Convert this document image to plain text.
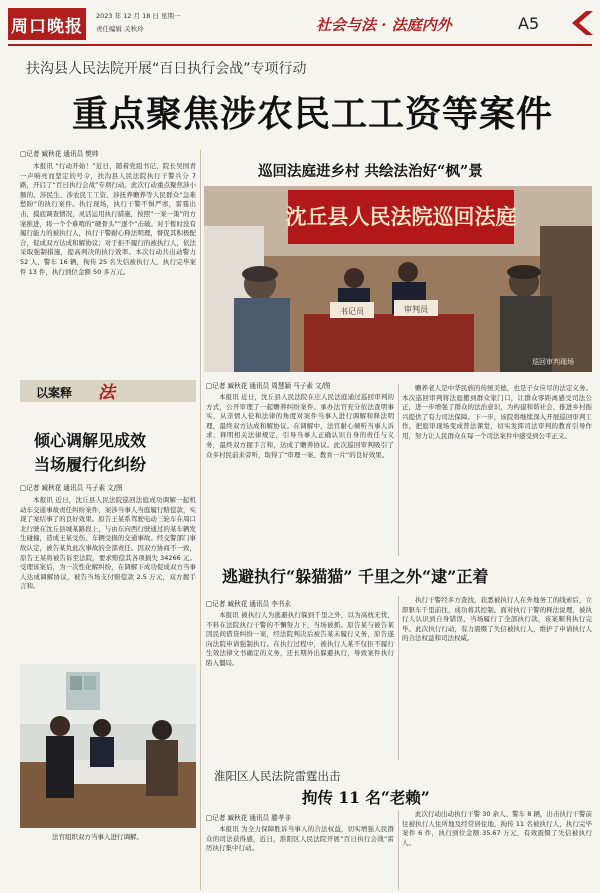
周口晚报
2023 年 12 月 18 日 星期一
责任编辑 关秋玲	社会与法 · 法庭内外	A5
扶沟县人民法院开展“百日执行会战”专项行动
重点聚焦涉农民工工资等案件
□记者 臧秋花 通讯员 樊帅
本报讯 “行动开始！”近日，随着党组书记、院长吴国青一声响亮而坚定的号令，扶沟县人民法院执行干警兵分 7 路，开启了“百日执行会战”专项行动。此次行动重点聚焦涉小额的、涉民生、涉农民工工资、涉抚养赡养等人民群众“急难愁盼”的执行案件。执行现场，执行干警不惧严寒，雷霆出击，摸底调查情况，灵活运用执行措施，按照“一案一策”的方案推进，将一个个难啃的“硬骨头”“逐个”击破。对于暂时没有履行能力的被执行人，执行干警耐心释法明理，督促其积极配合，促成双方达成和解协议；对于拒不履行的被执行人，依法采取强制措施，提高判决的执行效率。本次行动共出动警力 52 人、警车 16 辆，拘传 25 名失信被执行人，执行完毕案件 13 件，执行到位金额 50 多万元。
以案释 法
倾心调解见成效
当场履行化纠纷
□记者 臧秋花 通讯员 马子素 文/图
本报讯 近日，沈丘县人民法院巡回法庭成功调解一起机动车交通事故责任纠纷案件，案涉当事人当庭履行赔偿款，实现了案结事了的良好效果。原告王某系驾驶电动三轮车在周口北行驶在沈丘县城某路段上，与由东向西行驶通过的某车辆发生碰撞，造成王某受伤，车辆受损的交通事故。经交警部门事故认定，被告某负此次事故的全部责任。因双方协商不一致，原告王某将被告诉至法院，要求赔偿其各项损失 34266 元。受理该案后，为一次性化解纠纷，在调解下成功促成双方当事人达成调解协议，被告当场支付赔偿款 2.5 万元，双方握手言和。
法官组织双方当事人进行调解。
巡回法庭进乡村 共绘法治好“枫”景
沈丘县人民法院巡回法庭
书记员	审判员
巡回审判现场
□记者 臧秋花 通讯员 周慧颖 马子素 文/图
本报讯 近日，沈丘县人民法院在庄人民法庭通过巡回审判的方式，公开审理了一起赡养纠纷案件。承办法官充分依法查明事实，从亲情人伦和法律的角度对案件当事人进行调解和释法明理，最终双方达成和解协议。在调解中，法官耐心倾听当事人诉求，释明相关法律规定，引导当事人正确认识自身的责任与义务，最终双方握手言和，达成了赡养协议。此次巡回审判吸引了众多村民前来旁听，取得了“审理一案、教育一片”的良好效果。
赡养老人是中华民族的传统美德，也是子女应尽的法定义务。本次巡回审判将法庭搬到群众家门口，让群众零距离感受司法公正，进一步增强了群众的法治意识，为构建和谐社会、推进乡村振兴提供了有力司法保障。下一步，该院将继续深入开展巡回审判工作，把庭审现场变成普法课堂，切实发挥司法审判的教育引导作用，努力让人民群众在每一个司法案件中感受到公平正义。
逃避执行“躲猫猫” 千里之外“逮”正着
□记者 臧秋花 通讯员 李书永
本报讯 被执行人为逃避执行躲到千里之外，以为高枕无忧，不料在法院执行干警的不懈努力下，当场被抓。原告某与被告某因民间借贷纠纷一案，经法院判决后被告某未履行义务，原告遂向法院申请强制执行。在执行过程中，被执行人某不仅拒不履行生效法律文书确定的义务，还长期外出躲避执行，导致案件执行陷入僵局。
执行干警经多方查找，获悉被执行人在外地务工的线索后，立即驱车千里前往，成功将其控制。面对执行干警的释法说理，被执行人认识到自身错误，当场履行了全部执行款，该案顺利执行完毕。此次执行行动，有力震慑了失信被执行人，维护了申请执行人的合法权益和司法权威。
淮阳区人民法院雷霆出击
拘传 11 名“老赖”
□记者 臧秋花 通讯员 滕孝非
本报讯 为全力保障胜诉当事人的合法权益，切实增强人民群众的司法获得感，近日，淮阳区人民法院开展“百日执行会战”雷厉执行集中行动。
此次行动出动执行干警 30 余人、警车 8 辆，出击执行干警前往被执行人住所地及经常居住地，拘传 11 名被执行人，执行完毕案件 6 件，执行到位金额 35.67 万元，有效震慑了失信被执行人。
